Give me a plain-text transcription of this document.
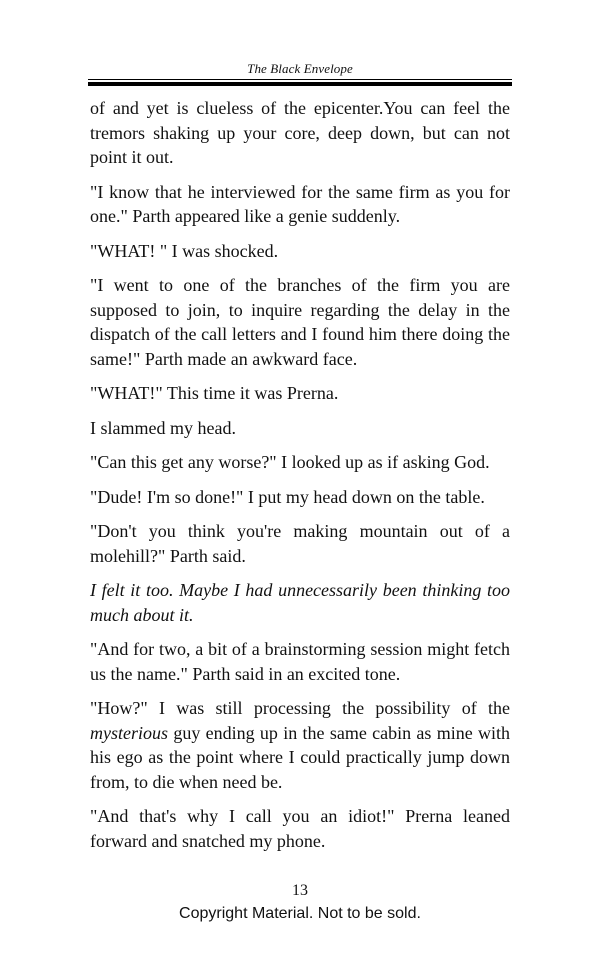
The Black Envelope

of and yet is clueless of the epicenter.You can feel the tremors shaking up your core, deep down, but can not point it out.

"I know that he interviewed for the same firm as you for one." Parth appeared like a genie suddenly.

"WHAT! " I was shocked.

"I went to one of the branches of the firm you are supposed to join, to inquire regarding the delay in the dispatch of the call letters and I found him there doing the same!" Parth made an awkward face.

"WHAT!" This time it was Prerna.

I slammed my head.

"Can this get any worse?" I looked up as if asking God.

"Dude! I'm so done!" I put my head down on the table.

"Don't you think you're making mountain out of a molehill?" Parth said.

I felt it too. Maybe I had unnecessarily been thinking too much about it.

"And for two, a bit of a brainstorming session might fetch us the name." Parth said in an excited tone.

"How?" I was still processing the possibility of the mysterious guy ending up in the same cabin as mine with his ego as the point where I could practically jump down from, to die when need be.

"And that's why I call you an idiot!" Prerna leaned forward and snatched my phone.

13
Copyright Material. Not to be sold.
